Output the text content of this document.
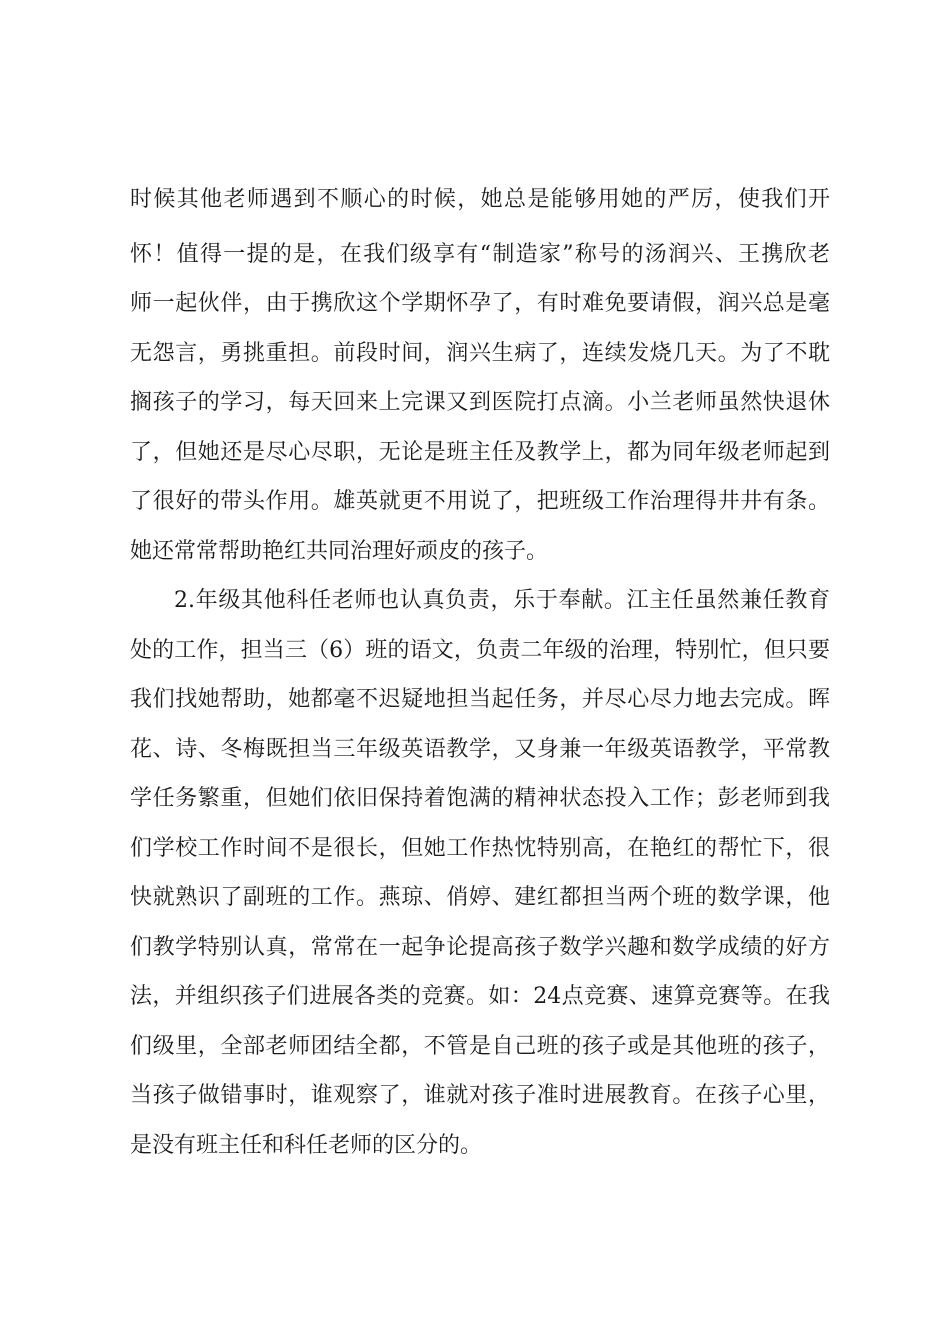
时候其他老师遇到不顺心的时候，她总是能够用她的严厉，使我们开

怀！值得一提的是，在我们级享有“制造家”称号的汤润兴、王携欣老

师一起伙伴，由于携欣这个学期怀孕了，有时难免要请假，润兴总是毫

无怨言，勇挑重担。前段时间，润兴生病了，连续发烧几天。为了不耽

搁孩子的学习，每天回来上完课又到医院打点滴。小兰老师虽然快退休

了，但她还是尽心尽职，无论是班主任及教学上，都为同年级老师起到

了很好的带头作用。雄英就更不用说了，把班级工作治理得井井有条。

她还常常帮助艳红共同治理好顽皮的孩子。

2.年级其他科任老师也认真负责，乐于奉献。江主任虽然兼任教育

处的工作，担当三（6）班的语文，负责二年级的治理，特别忙，但只要

我们找她帮助，她都毫不迟疑地担当起任务，并尽心尽力地去完成。晖

花、诗、冬梅既担当三年级英语教学，又身兼一年级英语教学，平常教

学任务繁重，但她们依旧保持着饱满的精神状态投入工作；彭老师到我

们学校工作时间不是很长，但她工作热忱特别高，在艳红的帮忙下，很

快就熟识了副班的工作。燕琼、俏婷、建红都担当两个班的数学课，他

们教学特别认真，常常在一起争论提高孩子数学兴趣和数学成绩的好方

法，并组织孩子们进展各类的竞赛。如：24点竞赛、速算竞赛等。在我

们级里，全部老师团结全都，不管是自己班的孩子或是其他班的孩子，

当孩子做错事时，谁观察了，谁就对孩子准时进展教育。在孩子心里，

是没有班主任和科任老师的区分的。
